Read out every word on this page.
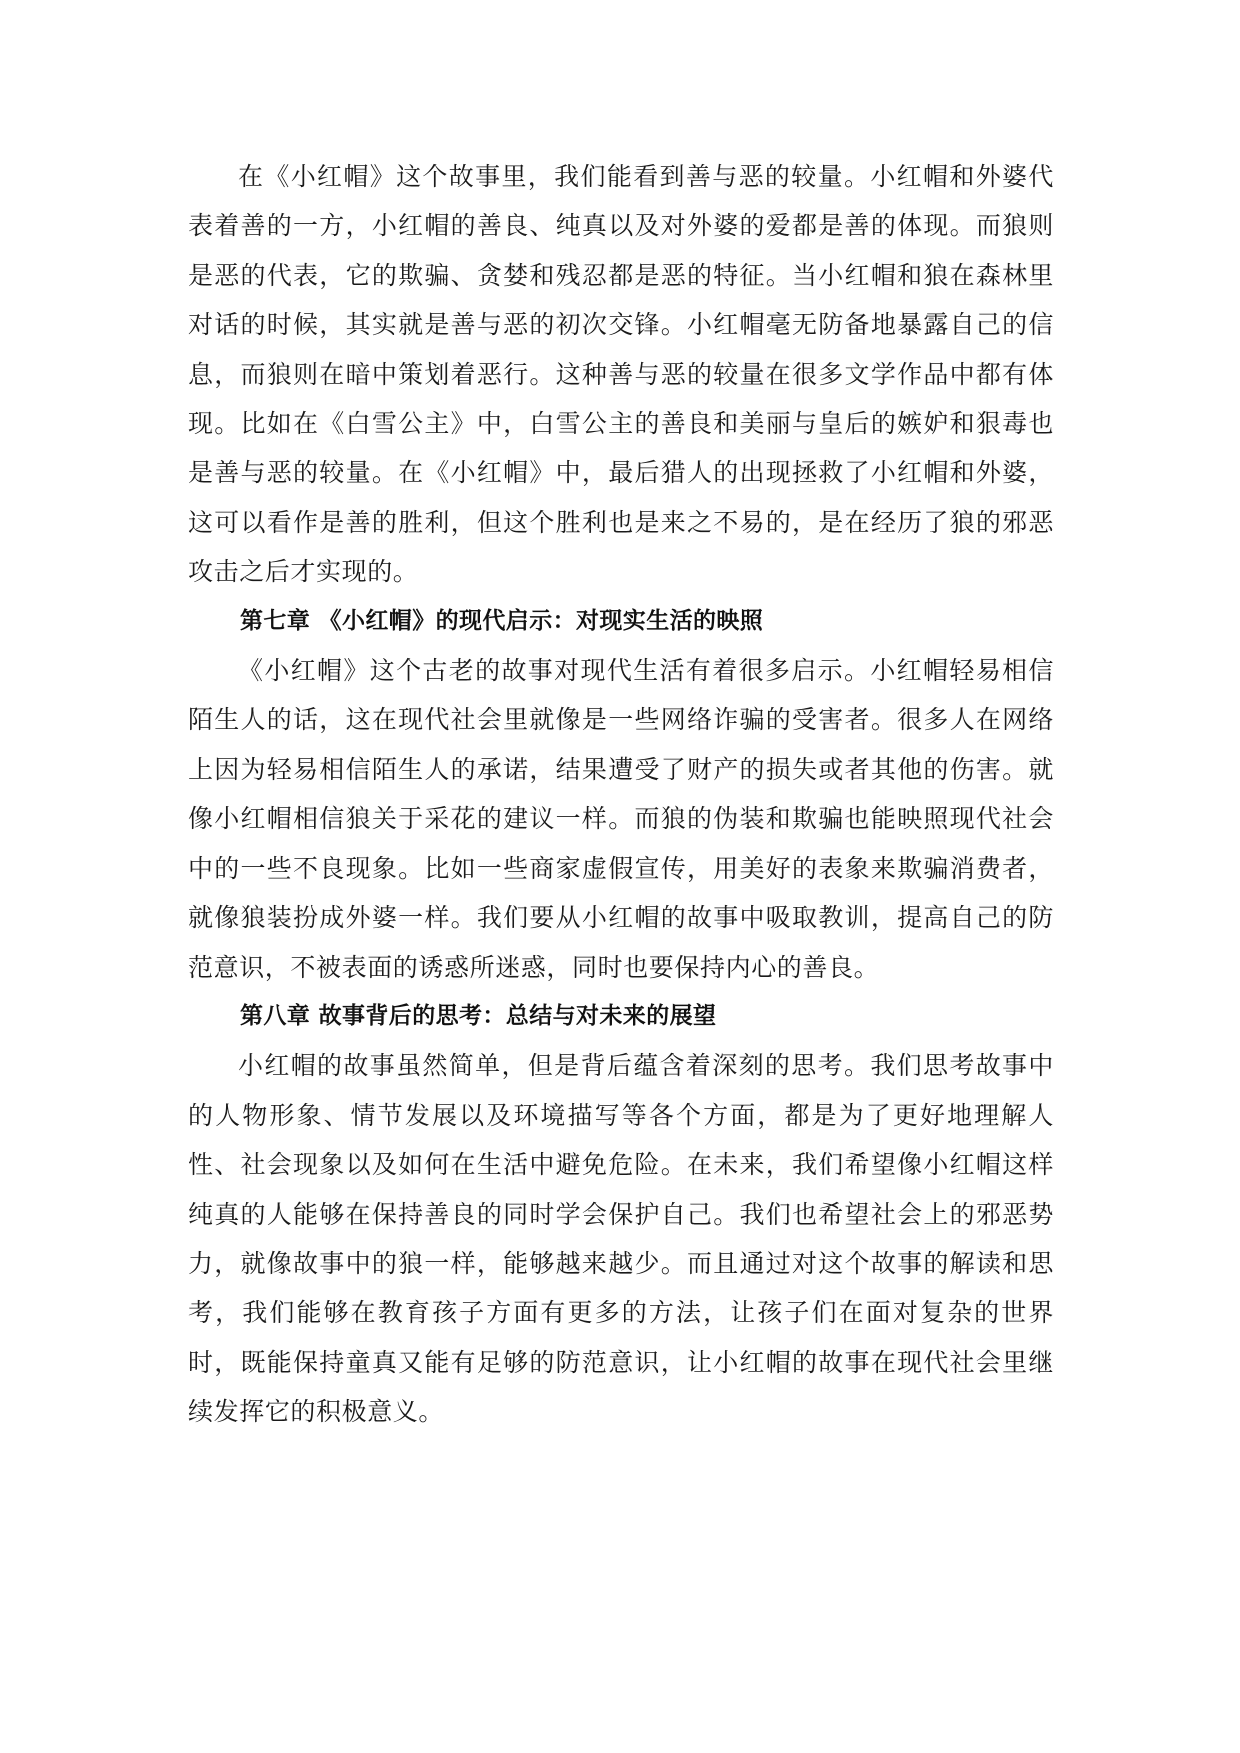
在《小红帽》这个故事里，我们能看到善与恶的较量。小红帽和外婆代表着善的一方，小红帽的善良、纯真以及对外婆的爱都是善的体现。而狼则是恶的代表，它的欺骗、贪婪和残忍都是恶的特征。当小红帽和狼在森林里对话的时候，其实就是善与恶的初次交锋。小红帽毫无防备地暴露自己的信息，而狼则在暗中策划着恶行。这种善与恶的较量在很多文学作品中都有体现。比如在《白雪公主》中，白雪公主的善良和美丽与皇后的嫉妒和狠毒也是善与恶的较量。在《小红帽》中，最后猎人的出现拯救了小红帽和外婆，这可以看作是善的胜利，但这个胜利也是来之不易的，是在经历了狼的邪恶攻击之后才实现的。

第七章 《小红帽》的现代启示：对现实生活的映照

《小红帽》这个古老的故事对现代生活有着很多启示。小红帽轻易相信陌生人的话，这在现代社会里就像是一些网络诈骗的受害者。很多人在网络上因为轻易相信陌生人的承诺，结果遭受了财产的损失或者其他的伤害。就像小红帽相信狼关于采花的建议一样。而狼的伪装和欺骗也能映照现代社会中的一些不良现象。比如一些商家虚假宣传，用美好的表象来欺骗消费者，就像狼装扮成外婆一样。我们要从小红帽的故事中吸取教训，提高自己的防范意识，不被表面的诱惑所迷惑，同时也要保持内心的善良。

第八章 故事背后的思考：总结与对未来的展望

小红帽的故事虽然简单，但是背后蕴含着深刻的思考。我们思考故事中的人物形象、情节发展以及环境描写等各个方面，都是为了更好地理解人性、社会现象以及如何在生活中避免危险。在未来，我们希望像小红帽这样纯真的人能够在保持善良的同时学会保护自己。我们也希望社会上的邪恶势力，就像故事中的狼一样，能够越来越少。而且通过对这个故事的解读和思考，我们能够在教育孩子方面有更多的方法，让孩子们在面对复杂的世界时，既能保持童真又能有足够的防范意识，让小红帽的故事在现代社会里继续发挥它的积极意义。
